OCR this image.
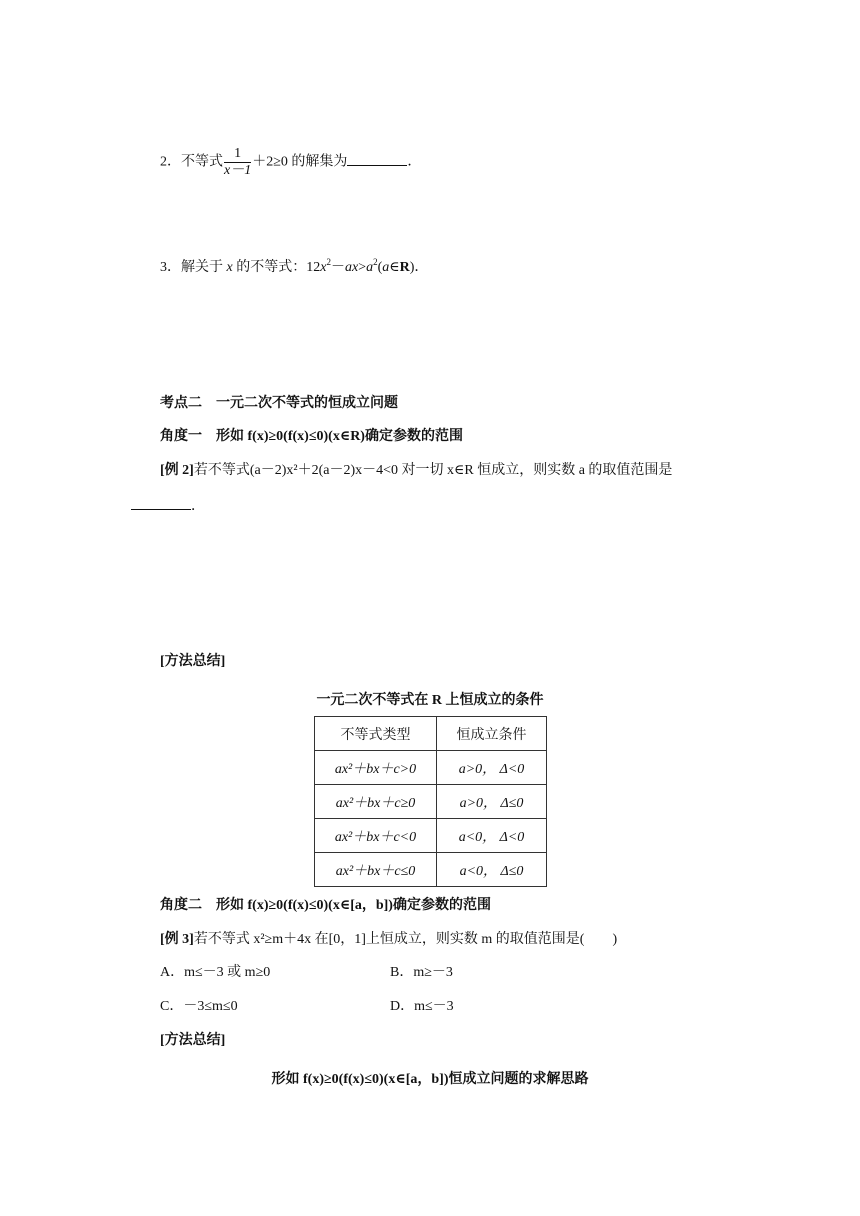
2．不等式 $\frac{1}{x-1} +2\ge 0$ 的解集为	．
3．解关于 x 的不等式：$12x^2-ax>a^2(a\in R)$．
考点二　一元二次不等式的恒成立问题
角度一　形如 f(x)≥0(f(x)≤0)(x∈R)确定参数的范围
[例 2]若不等式(a－2)x²＋2(a－2)x－4<0 对一切 x∈R 恒成立，则实数 a 的取值范围是
．
[方法总结]
一元二次不等式在 R 上恒成立的条件
不等式类型	恒成立条件
ax²＋bx＋c>0	a>0， Δ<0
ax²＋bx＋c≥0	a>0， Δ≤0
ax²＋bx＋c<0	a<0， Δ<0
ax²＋bx＋c≤0	a<0， Δ≤0
角度二　形如 f(x)≥0(f(x)≤0)(x∈[a，b])确定参数的范围
[例 3]若不等式 x²≥m＋4x 在[0，1]上恒成立，则实数 m 的取值范围是(　　)
A．m≤－3 或 m≥0	B．m≥－3
C．－3≤m≤0	D．m≤－3
[方法总结]
形如 f(x)≥0(f(x)≤0)(x∈[a，b])恒成立问题的求解思路
